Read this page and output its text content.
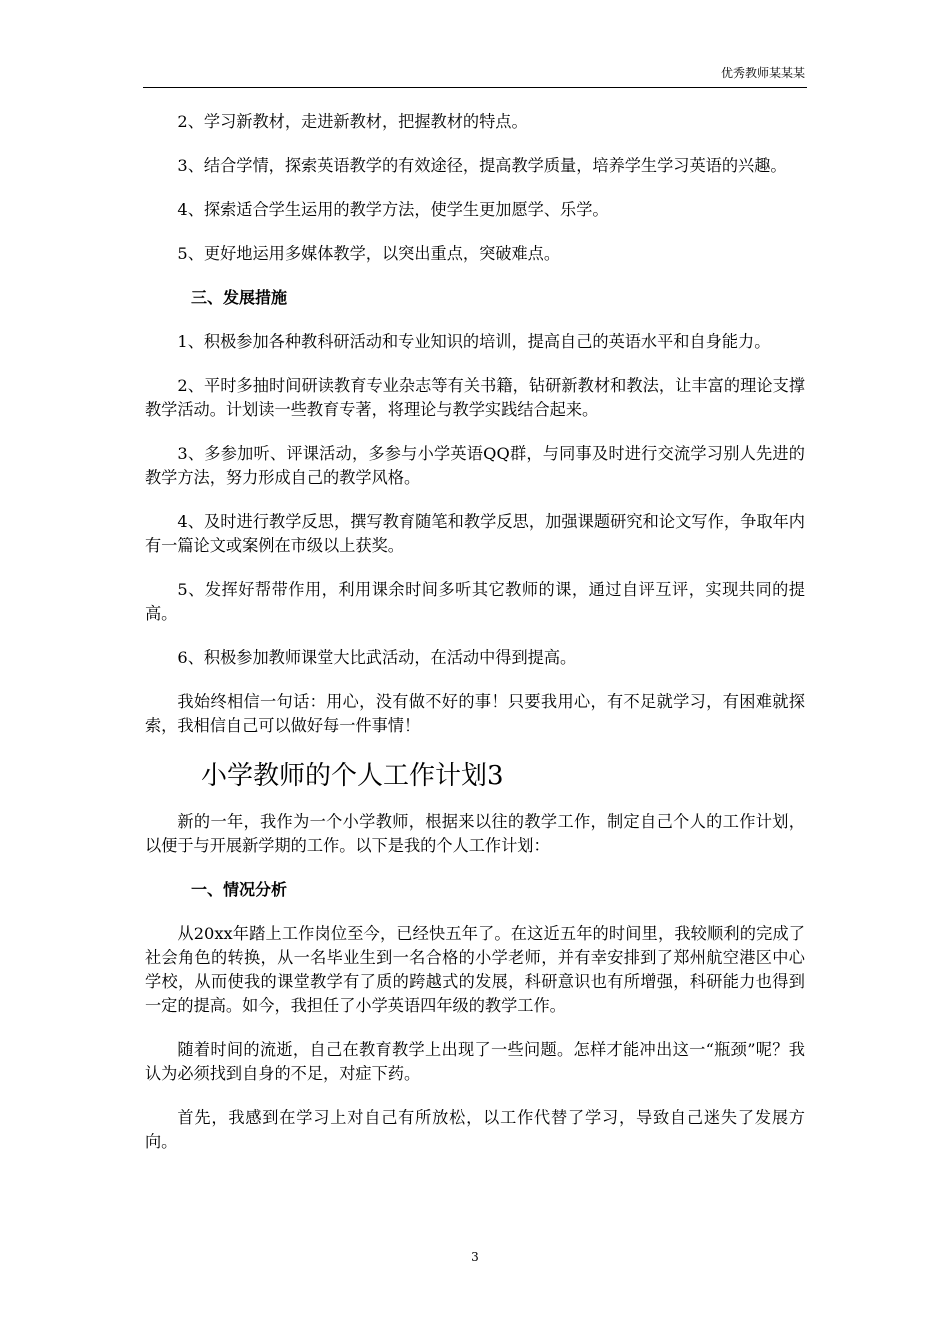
优秀教师某某某

2、学习新教材，走进新教材，把握教材的特点。

3、结合学情，探索英语教学的有效途径，提高教学质量，培养学生学习英语的兴趣。

4、探索适合学生运用的教学方法，使学生更加愿学、乐学。

5、更好地运用多媒体教学，以突出重点，突破难点。

三、发展措施

1、积极参加各种教科研活动和专业知识的培训，提高自己的英语水平和自身能力。

2、平时多抽时间研读教育专业杂志等有关书籍，钻研新教材和教法，让丰富的理论支撑教学活动。计划读一些教育专著，将理论与教学实践结合起来。

3、多参加听、评课活动，多参与小学英语QQ群，与同事及时进行交流学习别人先进的教学方法，努力形成自己的教学风格。

4、及时进行教学反思，撰写教育随笔和教学反思，加强课题研究和论文写作，争取年内有一篇论文或案例在市级以上获奖。

5、发挥好帮带作用，利用课余时间多听其它教师的课，通过自评互评，实现共同的提高。

6、积极参加教师课堂大比武活动，在活动中得到提高。

我始终相信一句话：用心，没有做不好的事！只要我用心，有不足就学习，有困难就探索，我相信自己可以做好每一件事情！

小学教师的个人工作计划3

新的一年，我作为一个小学教师，根据来以往的教学工作，制定自己个人的工作计划，以便于与开展新学期的工作。以下是我的个人工作计划：

一、情况分析

从20xx年踏上工作岗位至今，已经快五年了。在这近五年的时间里，我较顺利的完成了社会角色的转换，从一名毕业生到一名合格的小学老师，并有幸安排到了郑州航空港区中心学校，从而使我的课堂教学有了质的跨越式的发展，科研意识也有所增强，科研能力也得到一定的提高。如今，我担任了小学英语四年级的教学工作。

随着时间的流逝，自己在教育教学上出现了一些问题。怎样才能冲出这一“瓶颈”呢？我认为必须找到自身的不足，对症下药。

首先，我感到在学习上对自己有所放松，以工作代替了学习，导致自己迷失了发展方向。

3
